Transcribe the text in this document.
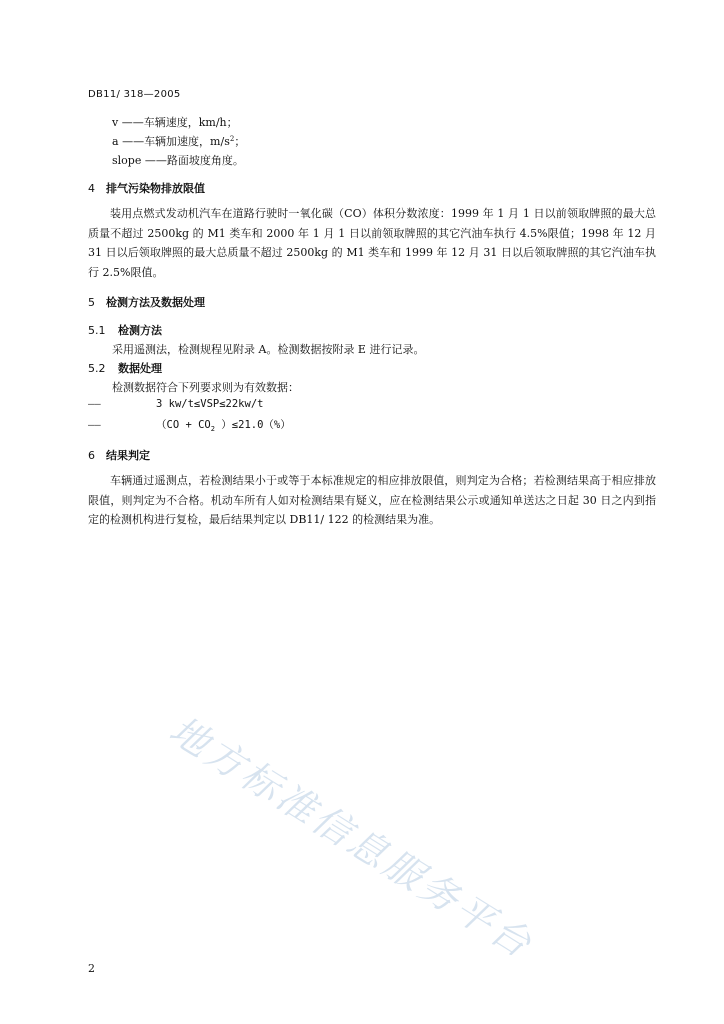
DB11/ 318—2005
v ——车辆速度，km/h；
a ——车辆加速度，$m/s^2$；
slope ——路面坡度角度。
4 排气污染物排放限值
装用点燃式发动机汽车在道路行驶时一氧化碳（CO）体积分数浓度：1999 年 1 月 1 日以前领取牌照的最大总质量不超过 2500kg 的 M1 类车和 2000 年 1 月 1 日以前领取牌照的其它汽油车执行 4.5%限值；1998 年 12 月 31 日以后领取牌照的最大总质量不超过 2500kg 的 M1 类车和 1999 年 12 月 31 日以后领取牌照的其它汽油车执行 2.5%限值。
5 检测方法及数据处理
5.1 检测方法
采用遥测法，检测规程见附录 A。检测数据按附录 E 进行记录。
5.2 数据处理
检测数据符合下列要求则为有效数据：
——	3 kw/t≤VSP≤22kw/t
——	（$CO + CO_2$ ）≤21.0（%）
6 结果判定
车辆通过遥测点，若检测结果小于或等于本标准规定的相应排放限值，则判定为合格；若检测结果高于相应排放限值，则判定为不合格。机动车所有人如对检测结果有疑义，应在检测结果公示或通知单送达之日起 30 日之内到指定的检测机构进行复检，最后结果判定以 DB11/ 122 的检测结果为准。
地方标准信息服务平台
2
